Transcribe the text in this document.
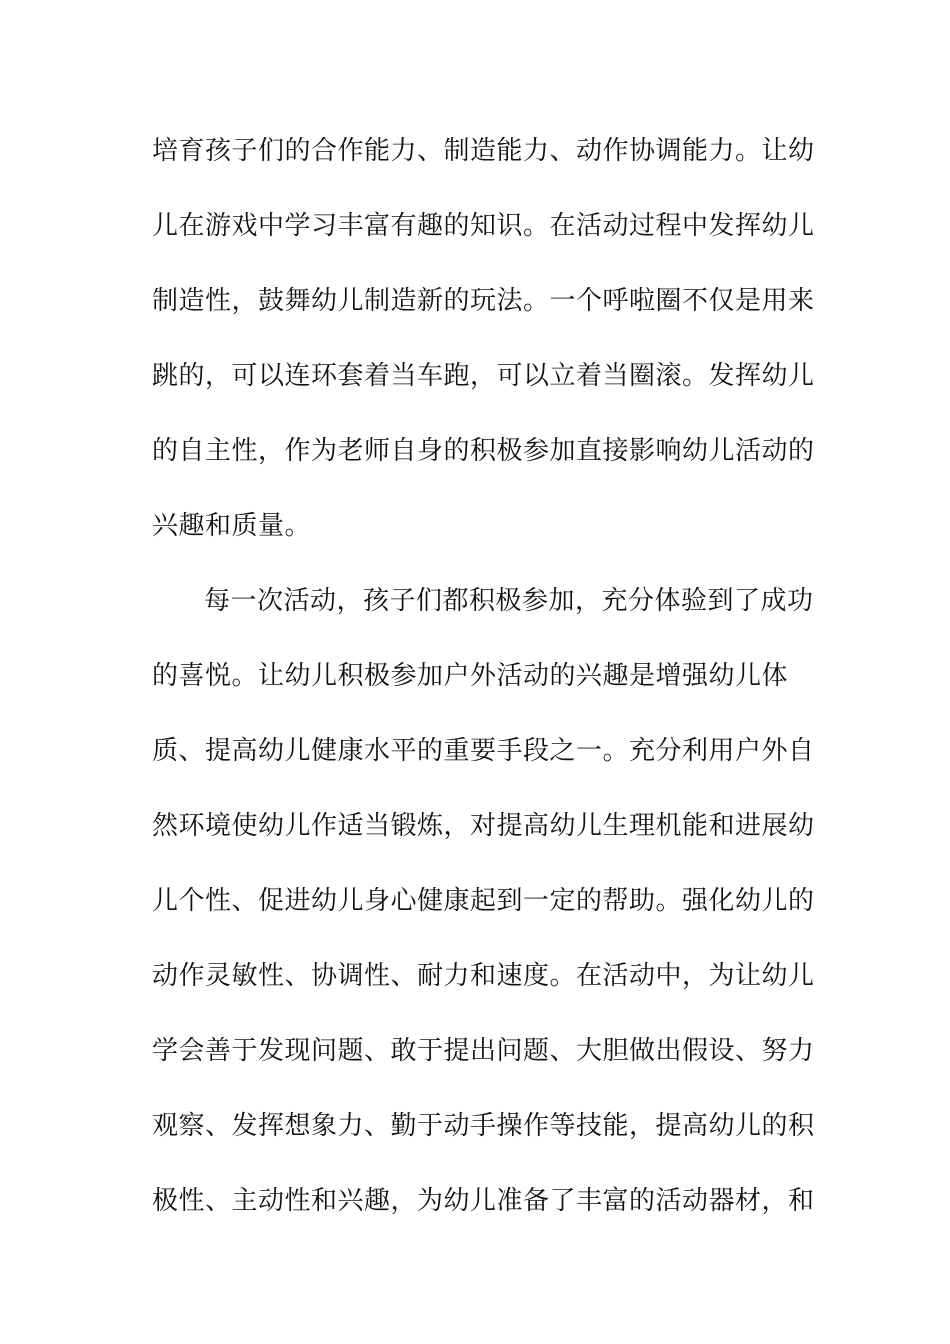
培育孩子们的合作能力、制造能力、动作协调能力。让幼
儿在游戏中学习丰富有趣的知识。在活动过程中发挥幼儿
制造性，鼓舞幼儿制造新的玩法。一个呼啦圈不仅是用来
跳的，可以连环套着当车跑，可以立着当圈滚。发挥幼儿
的自主性，作为老师自身的积极参加直接影响幼儿活动的
兴趣和质量。
每一次活动，孩子们都积极参加，充分体验到了成功
的喜悦。让幼儿积极参加户外活动的兴趣是增强幼儿体
质、提高幼儿健康水平的重要手段之一。充分利用户外自
然环境使幼儿作适当锻炼，对提高幼儿生理机能和进展幼
儿个性、促进幼儿身心健康起到一定的帮助。强化幼儿的
动作灵敏性、协调性、耐力和速度。在活动中，为让幼儿
学会善于发现问题、敢于提出问题、大胆做出假设、努力
观察、发挥想象力、勤于动手操作等技能，提高幼儿的积
极性、主动性和兴趣，为幼儿准备了丰富的活动器材，和
